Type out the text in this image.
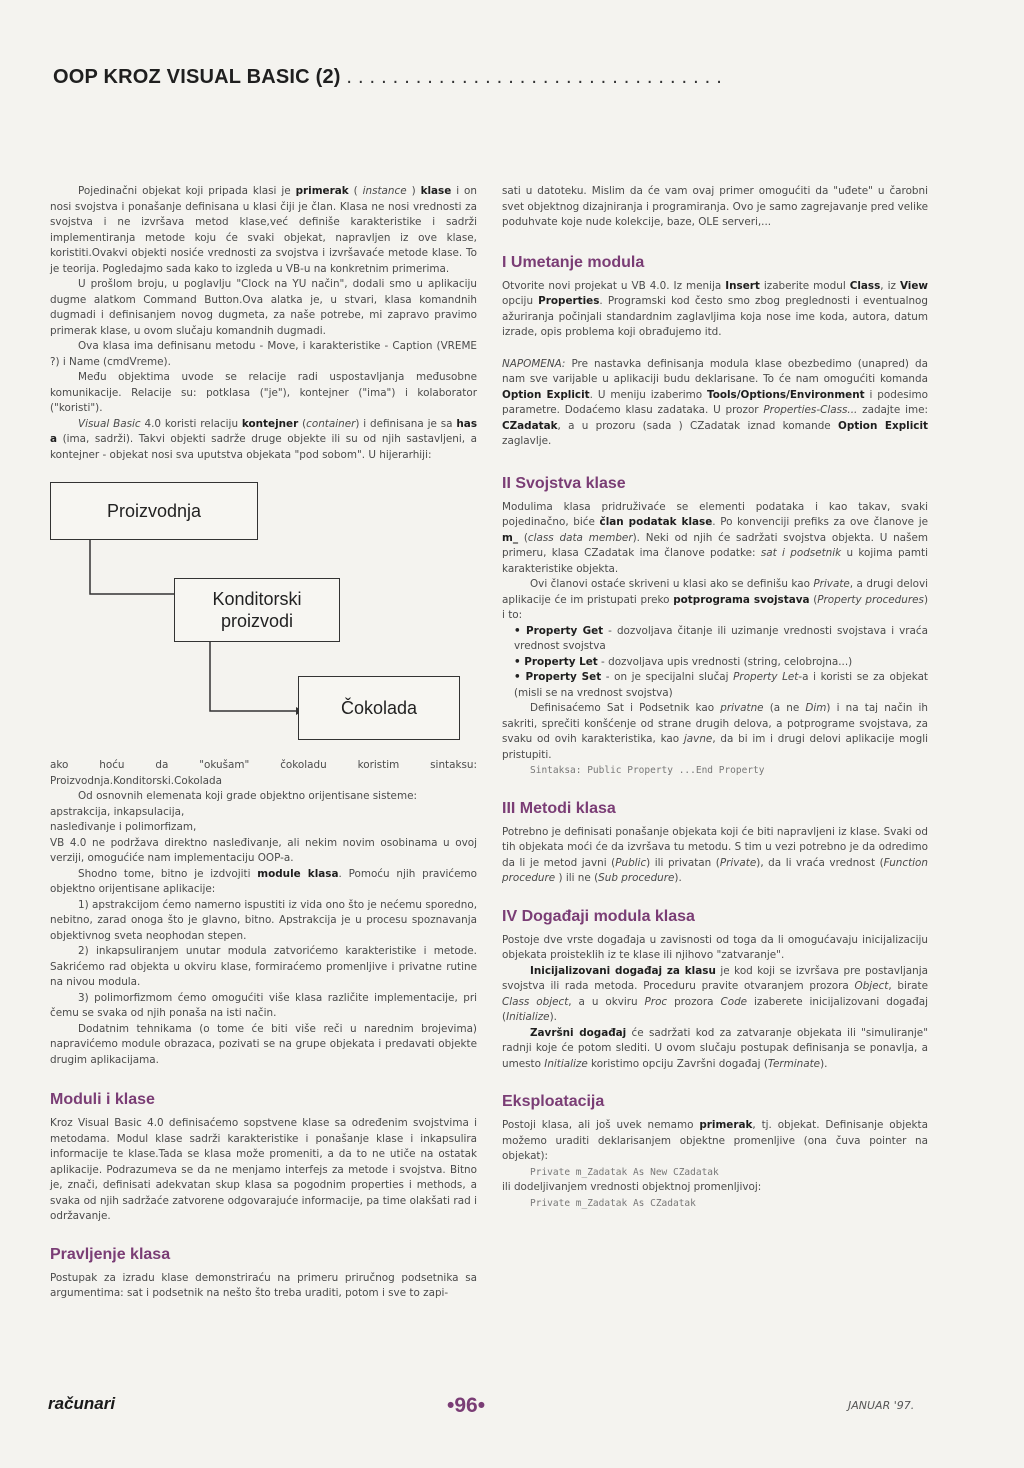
OOP KROZ VISUAL BASIC (2) .................................

Pojedinačni objekat koji pripada klasi je primerak ( instance ) klase i on nosi svojstva i ponašanje definisana u klasi čiji je član. Klasa ne nosi vrednosti za svojstva i ne izvršava metod klase,već definiše karakteristike i sadrži implementiranja metode koju će svaki objekat, napravljen iz ove klase, koristiti.Ovakvi objekti nosiće vrednosti za svojstva i izvršavaće metode klase. To je teorija. Pogledajmo sada kako to izgleda u VB-u na konkretnim primerima.

U prošlom broju, u poglavlju "Clock na YU način", dodali smo u aplikaciju dugme alatkom Command Button.Ova alatka je, u stvari, klasa komandnih dugmadi i definisanjem novog dugmeta, za naše potrebe, mi zapravo pravimo primerak klase, u ovom slučaju komandnih dugmadi.

Ova klasa ima definisanu metodu - Move, i karakteristike - Caption (VREME ?) i Name (cmdVreme).

Među objektima uvode se relacije radi uspostavljanja međusobne komunikacije. Relacije su: potklasa ("je"), kontejner ("ima") i kolaborator ("koristi").

Visual Basic 4.0 koristi relaciju kontejner (container) i definisana je sa has a (ima, sadrži). Takvi objekti sadrže druge objekte ili su od njih sastavljeni, a kontejner - objekat nosi sva uputstva objekata "pod sobom". U hijerarhiji:

Proizvodnja
Konditorski proizvodi
Čokolada

ako hoću da "okušam" čokoladu koristim sintaksu: Proizvodnja.Konditorski.Cokolada

Od osnovnih elemenata koji grade objektno orijentisane sisteme:

apstrakcija, inkapsulacija,

nasleđivanje i polimorfizam,

VB 4.0 ne podržava direktno nasleđivanje, ali nekim novim osobinama u ovoj verziji, omogućiće nam implementaciju OOP-a.

Shodno tome, bitno je izdvojiti module klasa. Pomoću njih pravićemo objektno orijentisane aplikacije:

1) apstrakcijom ćemo namerno ispustiti iz vida ono što je nećemu sporedno, nebitno, zarad onoga što je glavno, bitno. Apstrakcija je u procesu spoznavanja objektivnog sveta neophodan stepen.

2) inkapsuliranjem unutar modula zatvorićemo karakteristike i metode. Sakrićemo rad objekta u okviru klase, formiraćemo promenljive i privatne rutine na nivou modula.

3) polimorfizmom ćemo omogućiti više klasa različite implementacije, pri čemu se svaka od njih ponaša na isti način.

Dodatnim tehnikama (o tome će biti više reči u narednim brojevima) napravićemo module obrazaca, pozivati se na grupe objekata i predavati objekte drugim aplikacijama.

Moduli i klase

Kroz Visual Basic 4.0 definisaćemo sopstvene klase sa određenim svojstvima i metodama. Modul klase sadrži karakteristike i ponašanje klase i inkapsulira informacije te klase.Tada se klasa može promeniti, a da to ne utiče na ostatak aplikacije. Podrazumeva se da ne menjamo interfejs za metode i svojstva. Bitno je, znači, definisati adekvatan skup klasa sa pogodnim properties i methods, a svaka od njih sadržaće zatvorene odgovarajuće informacije, pa time olakšati rad i održavanje.

Pravljenje klasa

Postupak za izradu klase demonstriraću na primeru priručnog podsetnika sa argumentima: sat i podsetnik na nešto što treba uraditi, potom i sve to zapi-

sati u datoteku. Mislim da će vam ovaj primer omogućiti da "uđete" u čarobni svet objektnog dizajniranja i programiranja. Ovo je samo zagrejavanje pred velike poduhvate koje nude kolekcije, baze, OLE serveri,...

I Umetanje modula

Otvorite novi projekat u VB 4.0. Iz menija Insert izaberite modul Class, iz View opciju Properties. Programski kod često smo zbog preglednosti i eventualnog ažuriranja počinjali standardnim zaglavljima koja nose ime koda, autora, datum izrade, opis problema koji obrađujemo itd.

NAPOMENA: Pre nastavka definisanja modula klase obezbedimo (unapred) da nam sve varijable u aplikaciji budu deklarisane. To će nam omogućiti komanda Option Explicit. U meniju izaberimo Tools/Options/Environment i podesimo parametre. Dodaćemo klasu zadataka. U prozor Properties-Class... zadajte ime: CZadatak, a u prozoru (sada ) CZadatak iznad komande Option Explicit zaglavlje.

II Svojstva klase

Modulima klasa pridruživaće se elementi podataka i kao takav, svaki pojedinačno, biće član podatak klase. Po konvenciji prefiks za ove članove je m_ (class data member). Neki od njih će sadržati svojstva objekta. U našem primeru, klasa CZadatak ima članove podatke: sat i podsetnik u kojima pamti karakteristike objekta.

Ovi članovi ostaće skriveni u klasi ako se definišu kao Private, a drugi delovi aplikacije će im pristupati preko potprograma svojstava (Property procedures) i to:

• Property Get - dozvoljava čitanje ili uzimanje vrednosti svojstava i vraća vrednost svojstva
• Property Let - dozvoljava upis vrednosti (string, celobrojna...)
• Property Set - on je specijalni slučaj Property Let-a i koristi se za objekat (misli se na vrednost svojstva)

Definisaćemo Sat i Podsetnik kao privatne (a ne Dim) i na taj način ih sakriti, sprečiti konšćenje od strane drugih delova, a potprograme svojstava, za svaku od ovih karakteristika, kao javne, da bi im i drugi delovi aplikacije mogli pristupiti.

Sintaksa: Public Property ...End Property

III Metodi klasa

Potrebno je definisati ponašanje objekata koji će biti napravljeni iz klase. Svaki od tih objekata moći će da izvršava tu metodu. S tim u vezi potrebno je da odredimo da li je metod javni (Public) ili privatan (Private), da li vraća vrednost (Function procedure ) ili ne (Sub procedure).

IV Događaji modula klasa

Postoje dve vrste događaja u zavisnosti od toga da li omogućavaju inicijalizaciju objekata proisteklih iz te klase ili njihovo "zatvaranje".

Inicijalizovani događaj za klasu je kod koji se izvršava pre postavljanja svojstva ili rada metoda. Proceduru pravite otvaranjem prozora Object, birate Class object, a u okviru Proc prozora Code izaberete inicijalizovani događaj (Initialize).

Završni događaj će sadržati kod za zatvaranje objekata ili "simuliranje" radnji koje će potom slediti. U ovom slučaju postupak definisanja se ponavlja, a umesto Initialize koristimo opciju Završni događaj (Terminate).

Eksploatacija

Postoji klasa, ali još uvek nemamo primerak, tj. objekat. Definisanje objekta možemo uraditi deklarisanjem objektne promenljive (ona čuva pointer na objekat):

Private m_Zadatak As New CZadatak

ili dodeljivanjem vrednosti objektnoj promenljivoj:

Private m_Zadatak As CZadatak

računari	•96•	JANUAR '97.
